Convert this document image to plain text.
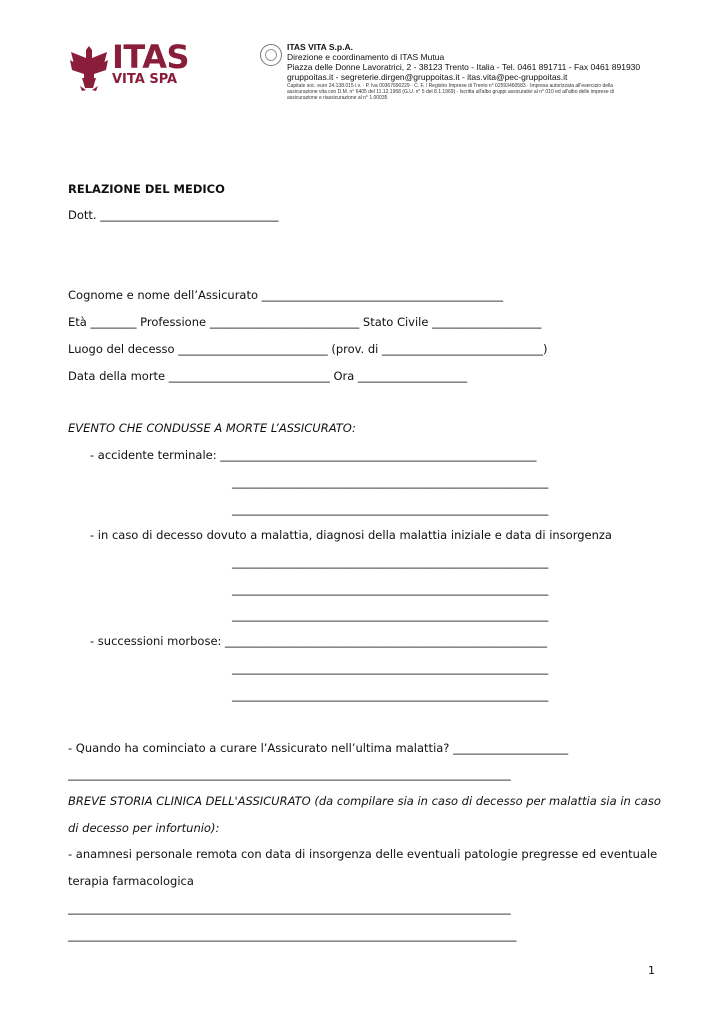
ITAS
VITA SPA
ITAS VITA S.p.A.
Direzione e coordinamento di ITAS Mutua
Piazza delle Donne Lavoratrici, 2 - 38123 Trento - Italia - Tel. 0461 891711 - Fax 0461 891930
gruppoitas.it - segreterie.dirgen@gruppoitas.it - itas.vita@pec-gruppoitas.it
Capitale soc. euro 24.138.015 i.v. · P. Iva 00367690229 · C. F. / Registro Imprese di Trento n° 02593460583 · Impresa autorizzata all'esercizio della
assicurazione vita con D.M. n° 6405 del 11.12.1968 (G.U. n° 5 del 8.1.1969) · Iscritta all'albo gruppi assicurativi al n° 010 ed all'albo delle imprese di
assicurazione e riassicurazione al n° 1.00035
RELAZIONE DEL MEDICO
Dott. _______________________________
Cognome e nome dell’Assicurato __________________________________________
Età ________ Professione __________________________ Stato Civile ___________________
Luogo del decesso __________________________ (prov. di ____________________________)
Data della morte ____________________________ Ora ___________________
EVENTO CHE CONDUSSE A MORTE L’ASSICURATO:
- accidente terminale: _______________________________________________________
_______________________________________________________
_______________________________________________________
- in caso di decesso dovuto a malattia, diagnosi della malattia iniziale e data di insorgenza
_______________________________________________________
_______________________________________________________
_______________________________________________________
- successioni morbose: ________________________________________________________
_______________________________________________________
_______________________________________________________
- Quando ha cominciato a curare l’Assicurato nell’ultima malattia? ____________________
_____________________________________________________________________________
BREVE STORIA CLINICA DELL'ASSICURATO (da compilare sia in caso di decesso per malattia sia in caso
di decesso per infortunio):
- anamnesi personale remota con data di insorgenza delle eventuali patologie pregresse ed eventuale
terapia farmacologica
_____________________________________________________________________________
______________________________________________________________________________
1
